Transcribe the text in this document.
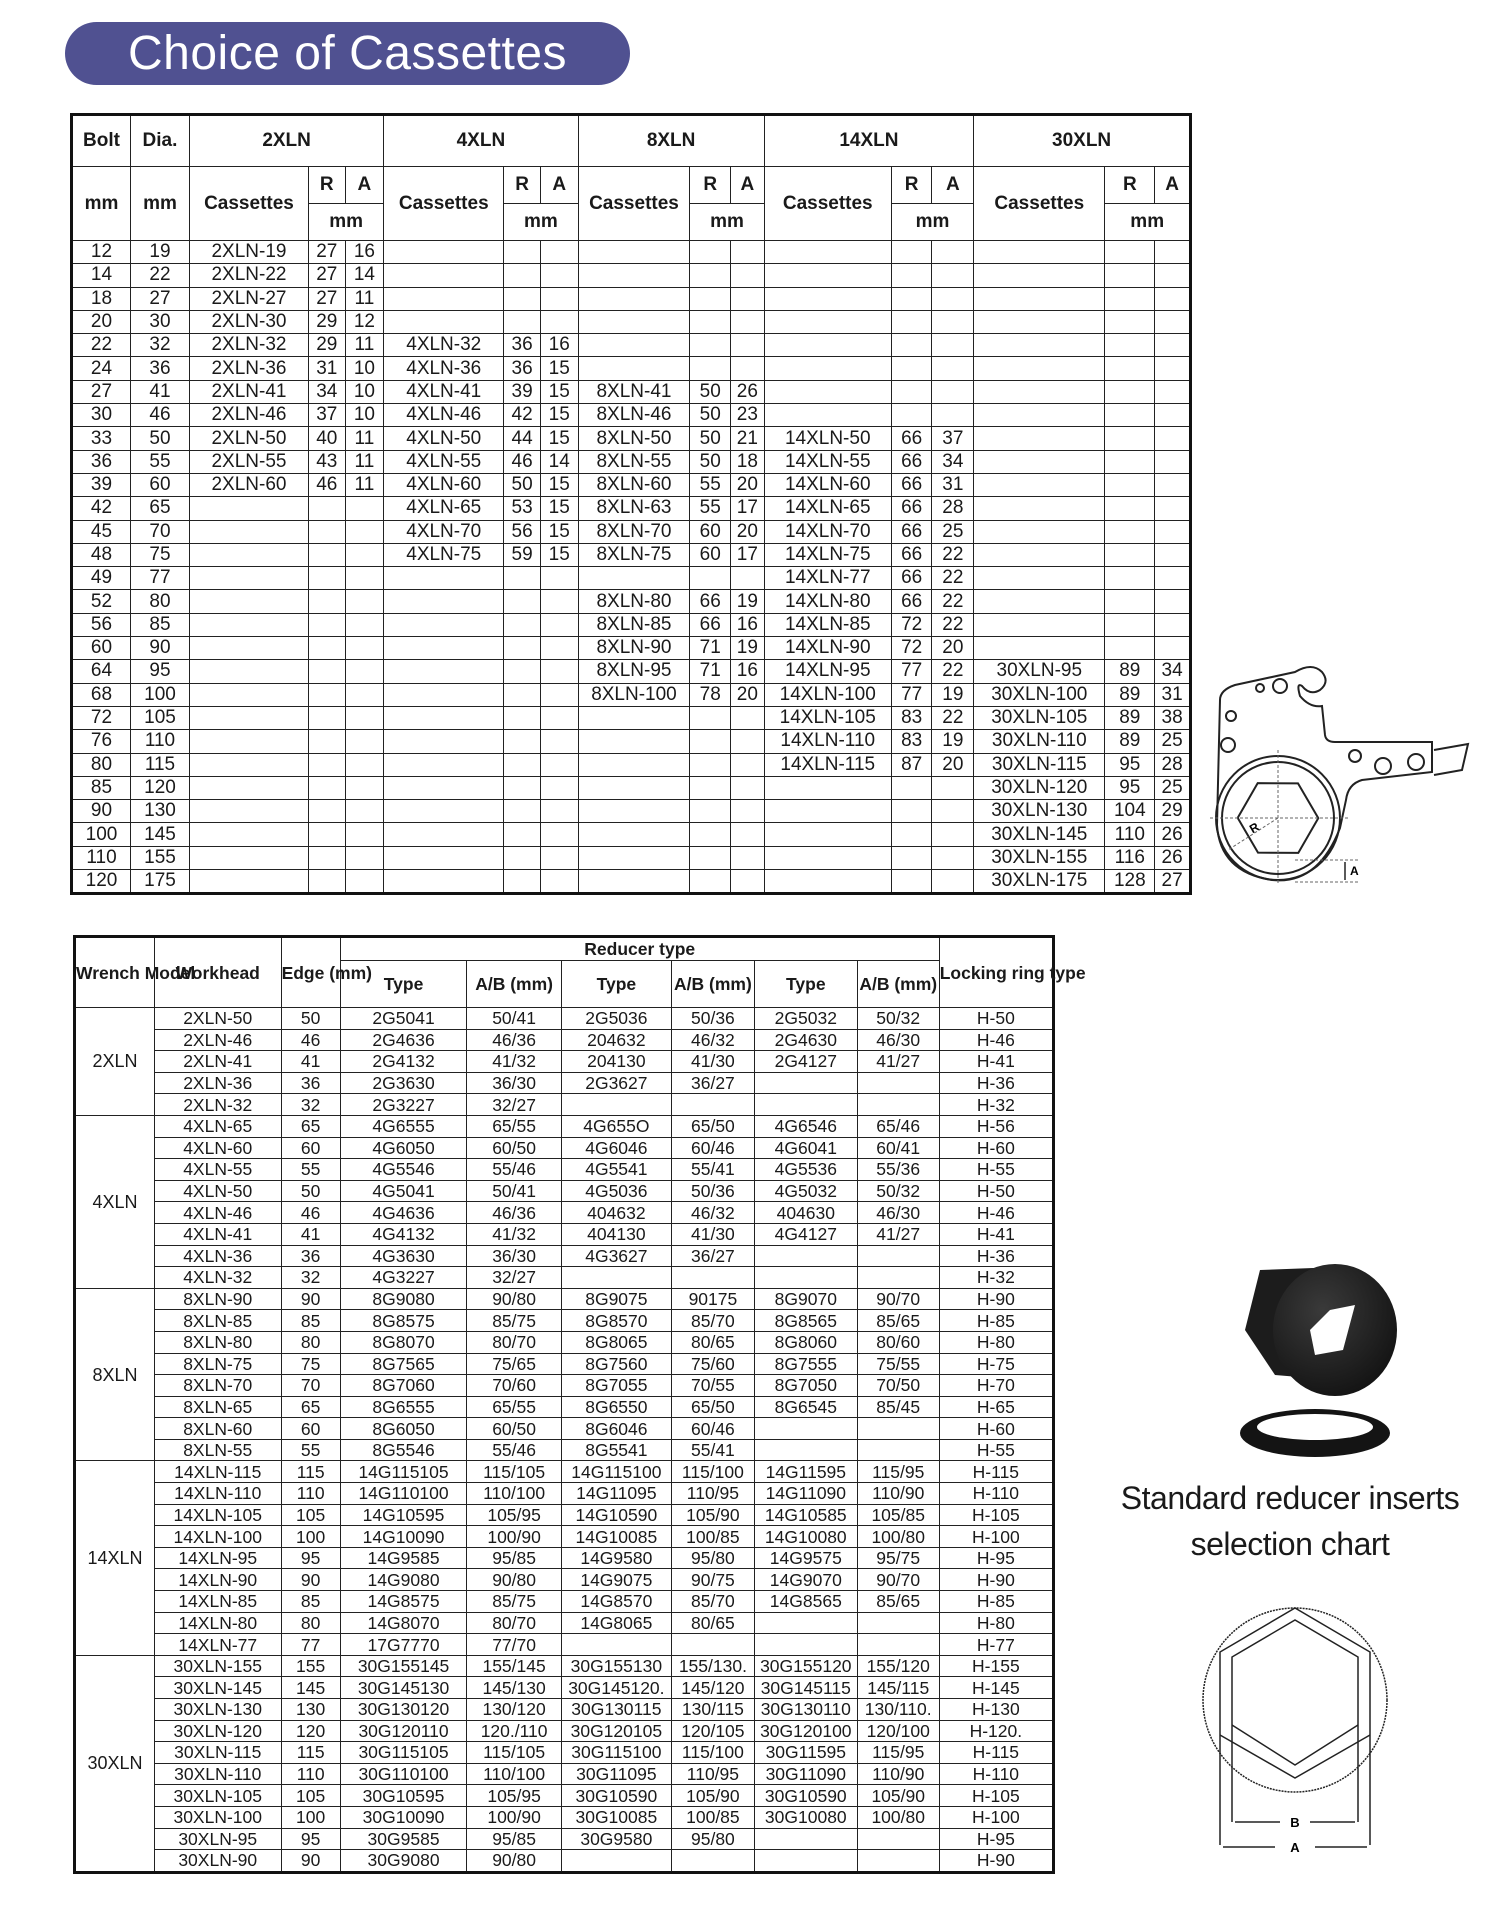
Choice of Cassettes
Bolt	Dia.	2XLN			4XLN			8XLN			14XLN			30XLN		
mm	mm	Cassettes	R	A	Cassettes	R	A	Cassettes	R	A	Cassettes	R	A	Cassettes	R	A
			mm			mm			mm			mm			mm	
12	19	2XLN-19	27	16												
14	22	2XLN-22	27	14												
18	27	2XLN-27	27	11												
20	30	2XLN-30	29	12												
22	32	2XLN-32	29	11	4XLN-32	36	16									
24	36	2XLN-36	31	10	4XLN-36	36	15									
27	41	2XLN-41	34	10	4XLN-41	39	15	8XLN-41	50	26						
30	46	2XLN-46	37	10	4XLN-46	42	15	8XLN-46	50	23						
33	50	2XLN-50	40	11	4XLN-50	44	15	8XLN-50	50	21	14XLN-50	66	37			
36	55	2XLN-55	43	11	4XLN-55	46	14	8XLN-55	50	18	14XLN-55	66	34			
39	60	2XLN-60	46	11	4XLN-60	50	15	8XLN-60	55	20	14XLN-60	66	31			
42	65				4XLN-65	53	15	8XLN-63	55	17	14XLN-65	66	28			
45	70				4XLN-70	56	15	8XLN-70	60	20	14XLN-70	66	25			
48	75				4XLN-75	59	15	8XLN-75	60	17	14XLN-75	66	22			
49	77										14XLN-77	66	22			
52	80							8XLN-80	66	19	14XLN-80	66	22			
56	85							8XLN-85	66	16	14XLN-85	72	22			
60	90							8XLN-90	71	19	14XLN-90	72	20			
64	95							8XLN-95	71	16	14XLN-95	77	22	30XLN-95	89	34
68	100							8XLN-100	78	20	14XLN-100	77	19	30XLN-100	89	31
72	105										14XLN-105	83	22	30XLN-105	89	38
76	110										14XLN-110	83	19	30XLN-110	89	25
80	115										14XLN-115	87	20	30XLN-115	95	28
85	120													30XLN-120	95	25
90	130													30XLN-130	104	29
100	145													30XLN-145	110	26
110	155													30XLN-155	116	26
120	175													30XLN-175	128	27
R
A
Wrench Model	Workhead	Edge (mm)	Reducer type						Locking ring type
			Type	A/B (mm)	Type	A/B (mm)	Type	A/B (mm)	
2XLN	2XLN-50	50	2G5041	50/41	2G5036	50/36	2G5032	50/32	H-50
	2XLN-46	46	2G4636	46/36	204632	46/32	2G4630	46/30	H-46
	2XLN-41	41	2G4132	41/32	204130	41/30	2G4127	41/27	H-41
	2XLN-36	36	2G3630	36/30	2G3627	36/27			H-36
	2XLN-32	32	2G3227	32/27					H-32
4XLN	4XLN-65	65	4G6555	65/55	4G655O	65/50	4G6546	65/46	H-56
	4XLN-60	60	4G6050	60/50	4G6046	60/46	4G6041	60/41	H-60
	4XLN-55	55	4G5546	55/46	4G5541	55/41	4G5536	55/36	H-55
	4XLN-50	50	4G5041	50/41	4G5036	50/36	4G5032	50/32	H-50
	4XLN-46	46	4G4636	46/36	404632	46/32	404630	46/30	H-46
	4XLN-41	41	4G4132	41/32	404130	41/30	4G4127	41/27	H-41
	4XLN-36	36	4G3630	36/30	4G3627	36/27			H-36
	4XLN-32	32	4G3227	32/27					H-32
8XLN	8XLN-90	90	8G9080	90/80	8G9075	90175	8G9070	90/70	H-90
	8XLN-85	85	8G8575	85/75	8G8570	85/70	8G8565	85/65	H-85
	8XLN-80	80	8G8070	80/70	8G8065	80/65	8G8060	80/60	H-80
	8XLN-75	75	8G7565	75/65	8G7560	75/60	8G7555	75/55	H-75
	8XLN-70	70	8G7060	70/60	8G7055	70/55	8G7050	70/50	H-70
	8XLN-65	65	8G6555	65/55	8G6550	65/50	8G6545	85/45	H-65
	8XLN-60	60	8G6050	60/50	8G6046	60/46			H-60
	8XLN-55	55	8G5546	55/46	8G5541	55/41			H-55
14XLN	14XLN-115	115	14G115105	115/105	14G115100	115/100	14G11595	115/95	H-115
	14XLN-110	110	14G110100	110/100	14G11095	110/95	14G11090	110/90	H-110
	14XLN-105	105	14G10595	105/95	14G10590	105/90	14G10585	105/85	H-105
	14XLN-100	100	14G10090	100/90	14G10085	100/85	14G10080	100/80	H-100
	14XLN-95	95	14G9585	95/85	14G9580	95/80	14G9575	95/75	H-95
	14XLN-90	90	14G9080	90/80	14G9075	90/75	14G9070	90/70	H-90
	14XLN-85	85	14G8575	85/75	14G8570	85/70	14G8565	85/65	H-85
	14XLN-80	80	14G8070	80/70	14G8065	80/65			H-80
	14XLN-77	77	17G7770	77/70					H-77
30XLN	30XLN-155	155	30G155145	155/145	30G155130	155/130.	30G155120	155/120	H-155
	30XLN-145	145	30G145130	145/130	30G145120.	145/120	30G145115	145/115	H-145
	30XLN-130	130	30G130120	130/120	30G130115	130/115	30G130110	130/110.	H-130
	30XLN-120	120	30G120110	120./110	30G120105	120/105	30G120100	120/100	H-120.
	30XLN-115	115	30G115105	115/105	30G115100	115/100	30G11595	115/95	H-115
	30XLN-110	110	30G110100	110/100	30G11095	110/95	30G11090	110/90	H-110
	30XLN-105	105	30G10595	105/95	30G10590	105/90	30G10590	105/90	H-105
	30XLN-100	100	30G10090	100/90	30G10085	100/85	30G10080	100/80	H-100
	30XLN-95	95	30G9585	95/85	30G9580	95/80			H-95
	30XLN-90	90	30G9080	90/80					H-90
Standard reducer inserts
selection chart
B
A
